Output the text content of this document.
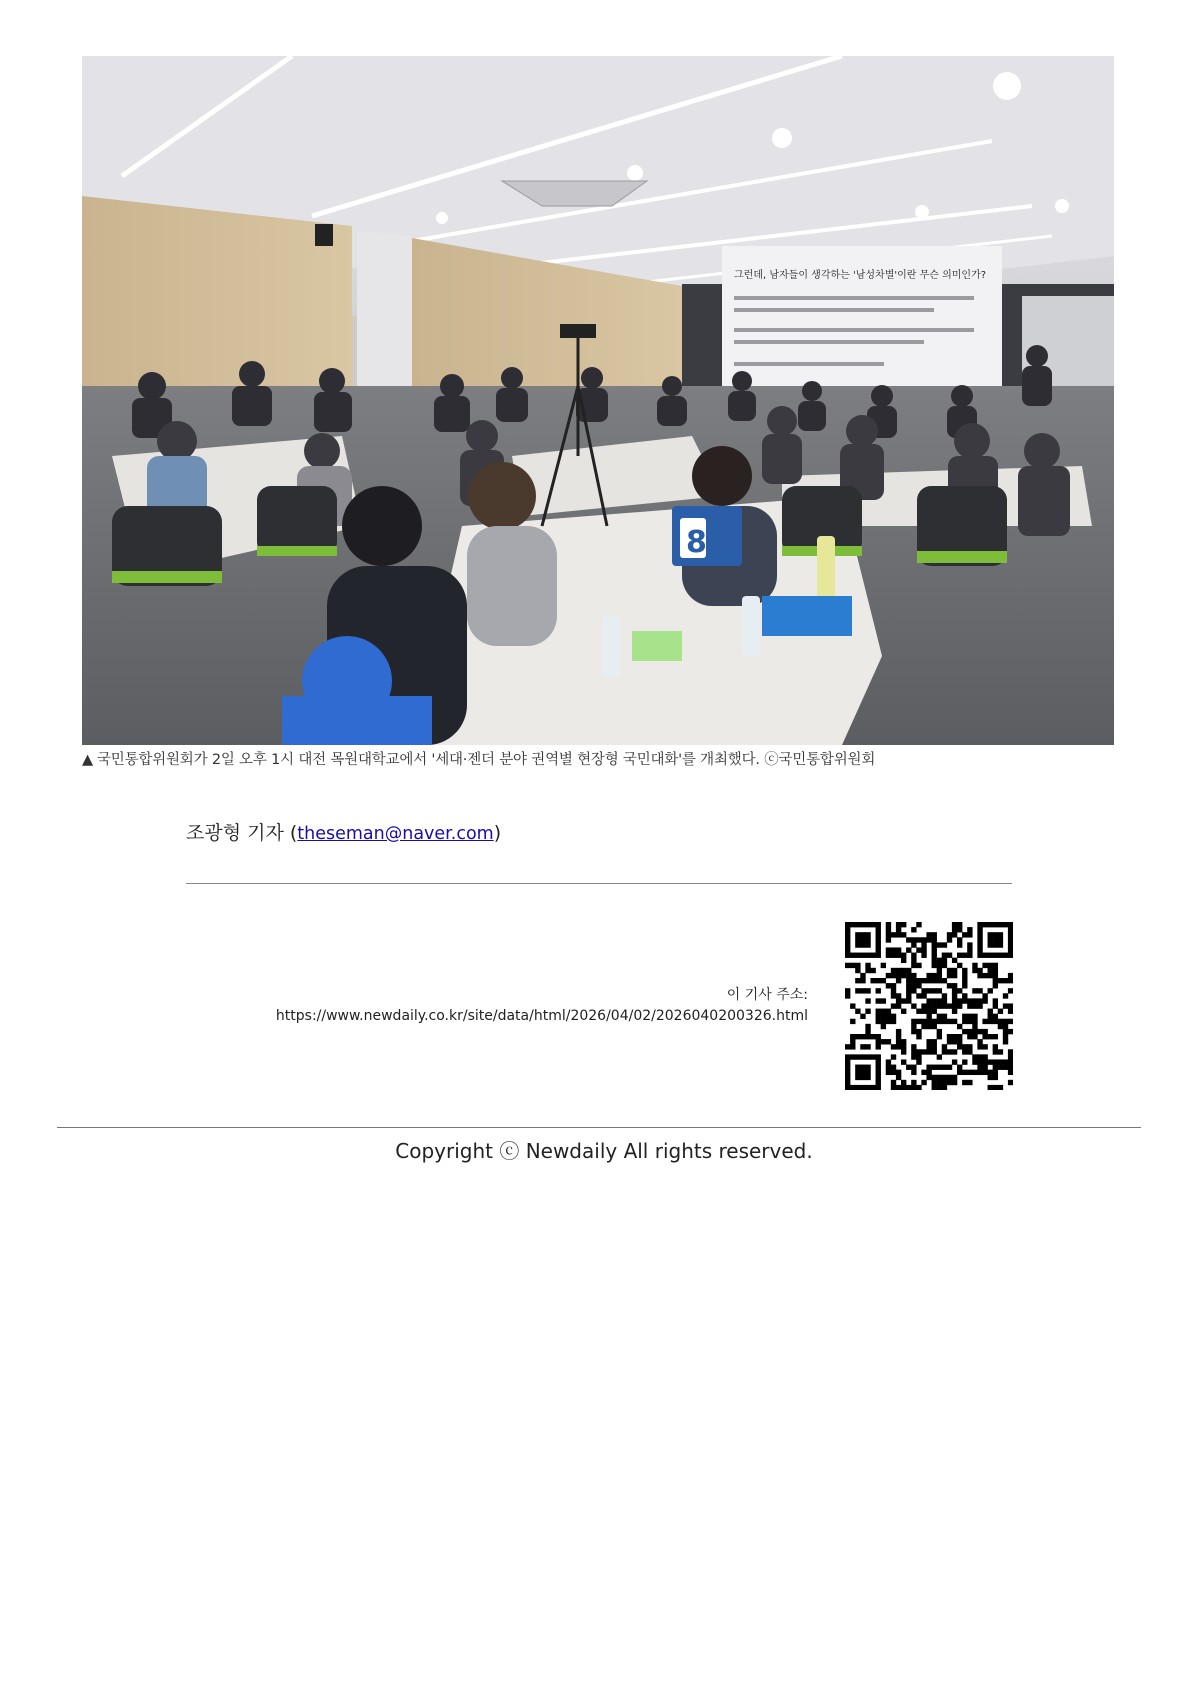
그런데, 남자들이 생각하는 '남성차별'이란 무슨 의미인가?
8
▲ 국민통합위원회가 2일 오후 1시 대전 목원대학교에서 '세대·젠더 분야 권역별 현장형 국민대화'를 개최했다. ⓒ국민통합위원회
조광형 기자 (theseman@naver.com)
이 기사 주소:
https://www.newdaily.co.kr/site/data/html/2026/04/02/2026040200326.html
Copyright ⓒ Newdaily All rights reserved.
